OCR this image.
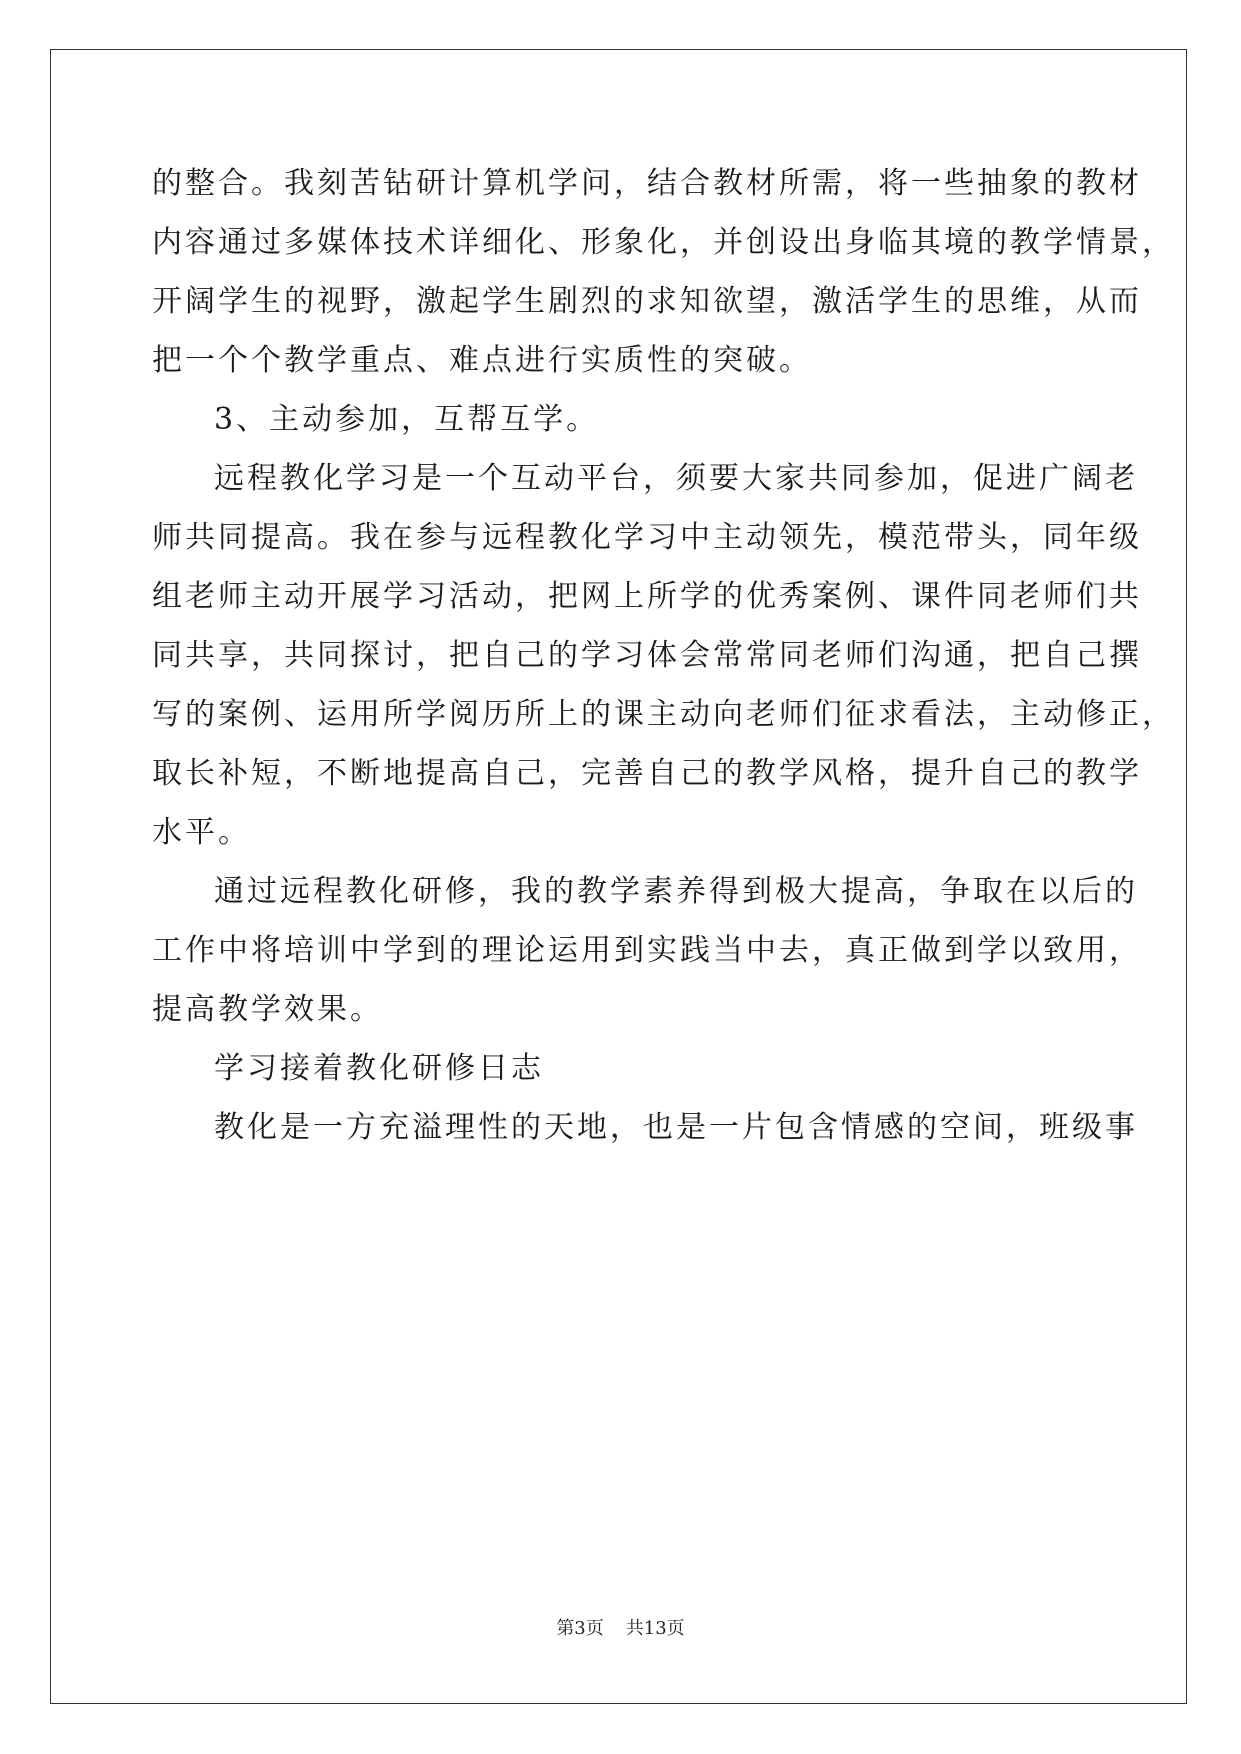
的整合。我刻苦钻研计算机学问，结合教材所需，将一些抽象的教材
内容通过多媒体技术详细化、形象化，并创设出身临其境的教学情景，
开阔学生的视野，激起学生剧烈的求知欲望，激活学生的思维，从而
把一个个教学重点、难点进行实质性的突破。
3、主动参加，互帮互学。
远程教化学习是一个互动平台，须要大家共同参加，促进广阔老
师共同提高。我在参与远程教化学习中主动领先，模范带头，同年级
组老师主动开展学习活动，把网上所学的优秀案例、课件同老师们共
同共享，共同探讨，把自己的学习体会常常同老师们沟通，把自己撰
写的案例、运用所学阅历所上的课主动向老师们征求看法，主动修正，
取长补短，不断地提高自己，完善自己的教学风格，提升自己的教学
水平。
通过远程教化研修，我的教学素养得到极大提高，争取在以后的
工作中将培训中学到的理论运用到实践当中去，真正做到学以致用，
提高教学效果。
学习接着教化研修日志
教化是一方充溢理性的天地，也是一片包含情感的空间，班级事
第3页 共13页
